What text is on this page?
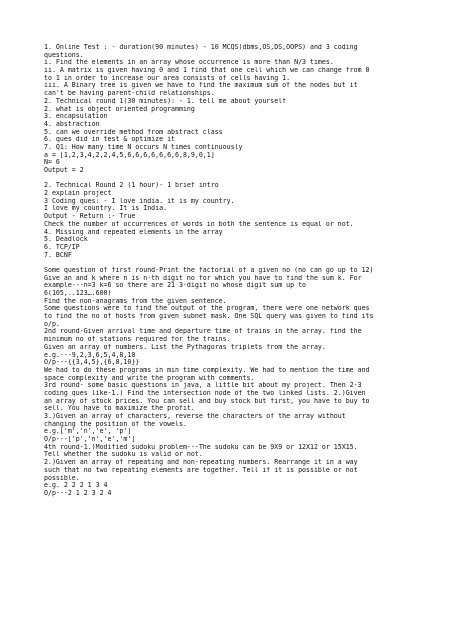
1. Online Test : - duration(90 minutes) - 10 MCQS(dbms,OS,DS,OOPS) and 3 coding
questions.
i. Find the elements in an array whose occurrence is more than N/3 times.
ii. A matrix is given having 0 and 1 find that one cell which we can change from 0
to 1 in order to increase our area consists of cells having 1.
iii. A Binary tree is given we have to find the maximum sum of the nodes but it
can't be having parent-child relationships.
2. Technical round 1(30 minutes): - 1. tell me about yourself
2. what is object oriented programming
3. encapsulation
4. abstraction
5. can we override method from abstract class
6. ques did in test & optimize it
7. Q1: How many time N occurs N times continuously
a = [1,2,3,4,2,2,4,5,6,6,6,6,6,6,6,8,9,0,1]
N= 6
Output = 2
2. Technical Round 2 (1 hour)- 1 brief intro
2 explain project
3 Coding ques: - I love india. it is my country.
I love my country. It is India.
Output - Return :- True
Check the number of occurrences of words in both the sentence is equal or not.
4. Missing and repeated elements in the array
5. Deadlock
6. TCP/IP
7. BCNF
Some question of first round-Print the factorial of a given no (no can go up to 12)
Give an and k where n is n-th digit no for which you have to find the sum k. For
example---n=3 k=6 so there are 21 3-digit no whose digit sum up to
6(105,..123….600)
Find the non-anagrams from the given sentence.
Some questions were to find the output of the program, there were one network ques
to find the no of hosts from given subnet mask. One SQL query was given to find its
o/p.
2nd round-Given arrival time and departure time of trains in the array. find the
minimum no of stations required for the trains.
Given an array of numbers. List the Pythagoras triplets from the array.
e.g.---9,2,3,6,5,4,8,10
O/p---{{3,4,5},{6,8,10}}
We had to do these programs in min time complexity. We had to mention the time and
space complexity and write the program with comments.
3rd round- some basic questions in java, a little bit about my project. Then 2-3
coding ques like-1.) Find the intersection node of the two linked lists. 2.)Given
an array of stock prices. You can sell and buy stock but first, you have to buy to
sell. You have to maximize the profit.
3.)Given an array of characters, reverse the characters of the array without
changing the position of the vowels.
e.g.['m','n','e', 'p']
O/p---['p','n','e','m']
4th round-1.)Modified sudoku problem---The sudoku can be 9X9 or 12X12 or 15X15.
Tell whether the sudoku is valid or not.
2.)Given an array of repeating and non-repeating numbers. Rearrange it in a way
such that no two repeating elements are together. Tell if it is possible or not
possible.
e.g. 2 2 2 1 3 4
O/p---2 1 2 3 2 4
